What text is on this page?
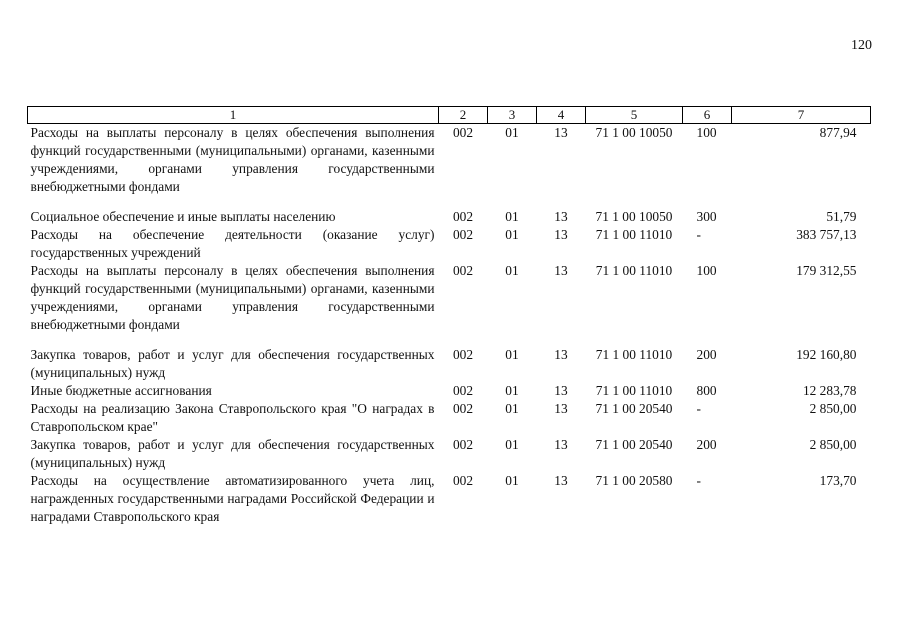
120
1	2	3	4	5	6	7
Расходы на выплаты персоналу в целях обеспечения выполнения функций государственными (муниципальными) органами, казенными учреждениями, органами управления государственными внебюджетными фондами	002	01	13	71 1 00 10050	100	877,94
Социальное обеспечение и иные выплаты населению	002	01	13	71 1 00 10050	300	51,79
Расходы на обеспечение деятельности (оказание услуг) государственных учреждений	002	01	13	71 1 00 11010	-	383 757,13
Расходы на выплаты персоналу в целях обеспечения выполнения функций государственными (муниципальными) органами, казенными учреждениями, органами управления государственными внебюджетными фондами	002	01	13	71 1 00 11010	100	179 312,55
Закупка товаров, работ и услуг для обеспечения государственных (муниципальных) нужд	002	01	13	71 1 00 11010	200	192 160,80
Иные бюджетные ассигнования	002	01	13	71 1 00 11010	800	12 283,78
Расходы на реализацию Закона Ставропольского края "О наградах в Ставропольском крае"	002	01	13	71 1 00 20540	-	2 850,00
Закупка товаров, работ и услуг для обеспечения государственных (муниципальных) нужд	002	01	13	71 1 00 20540	200	2 850,00
Расходы на осуществление автоматизированного учета лиц, награжденных государственными наградами Российской Федерации и наградами Ставропольского края	002	01	13	71 1 00 20580	-	173,70
